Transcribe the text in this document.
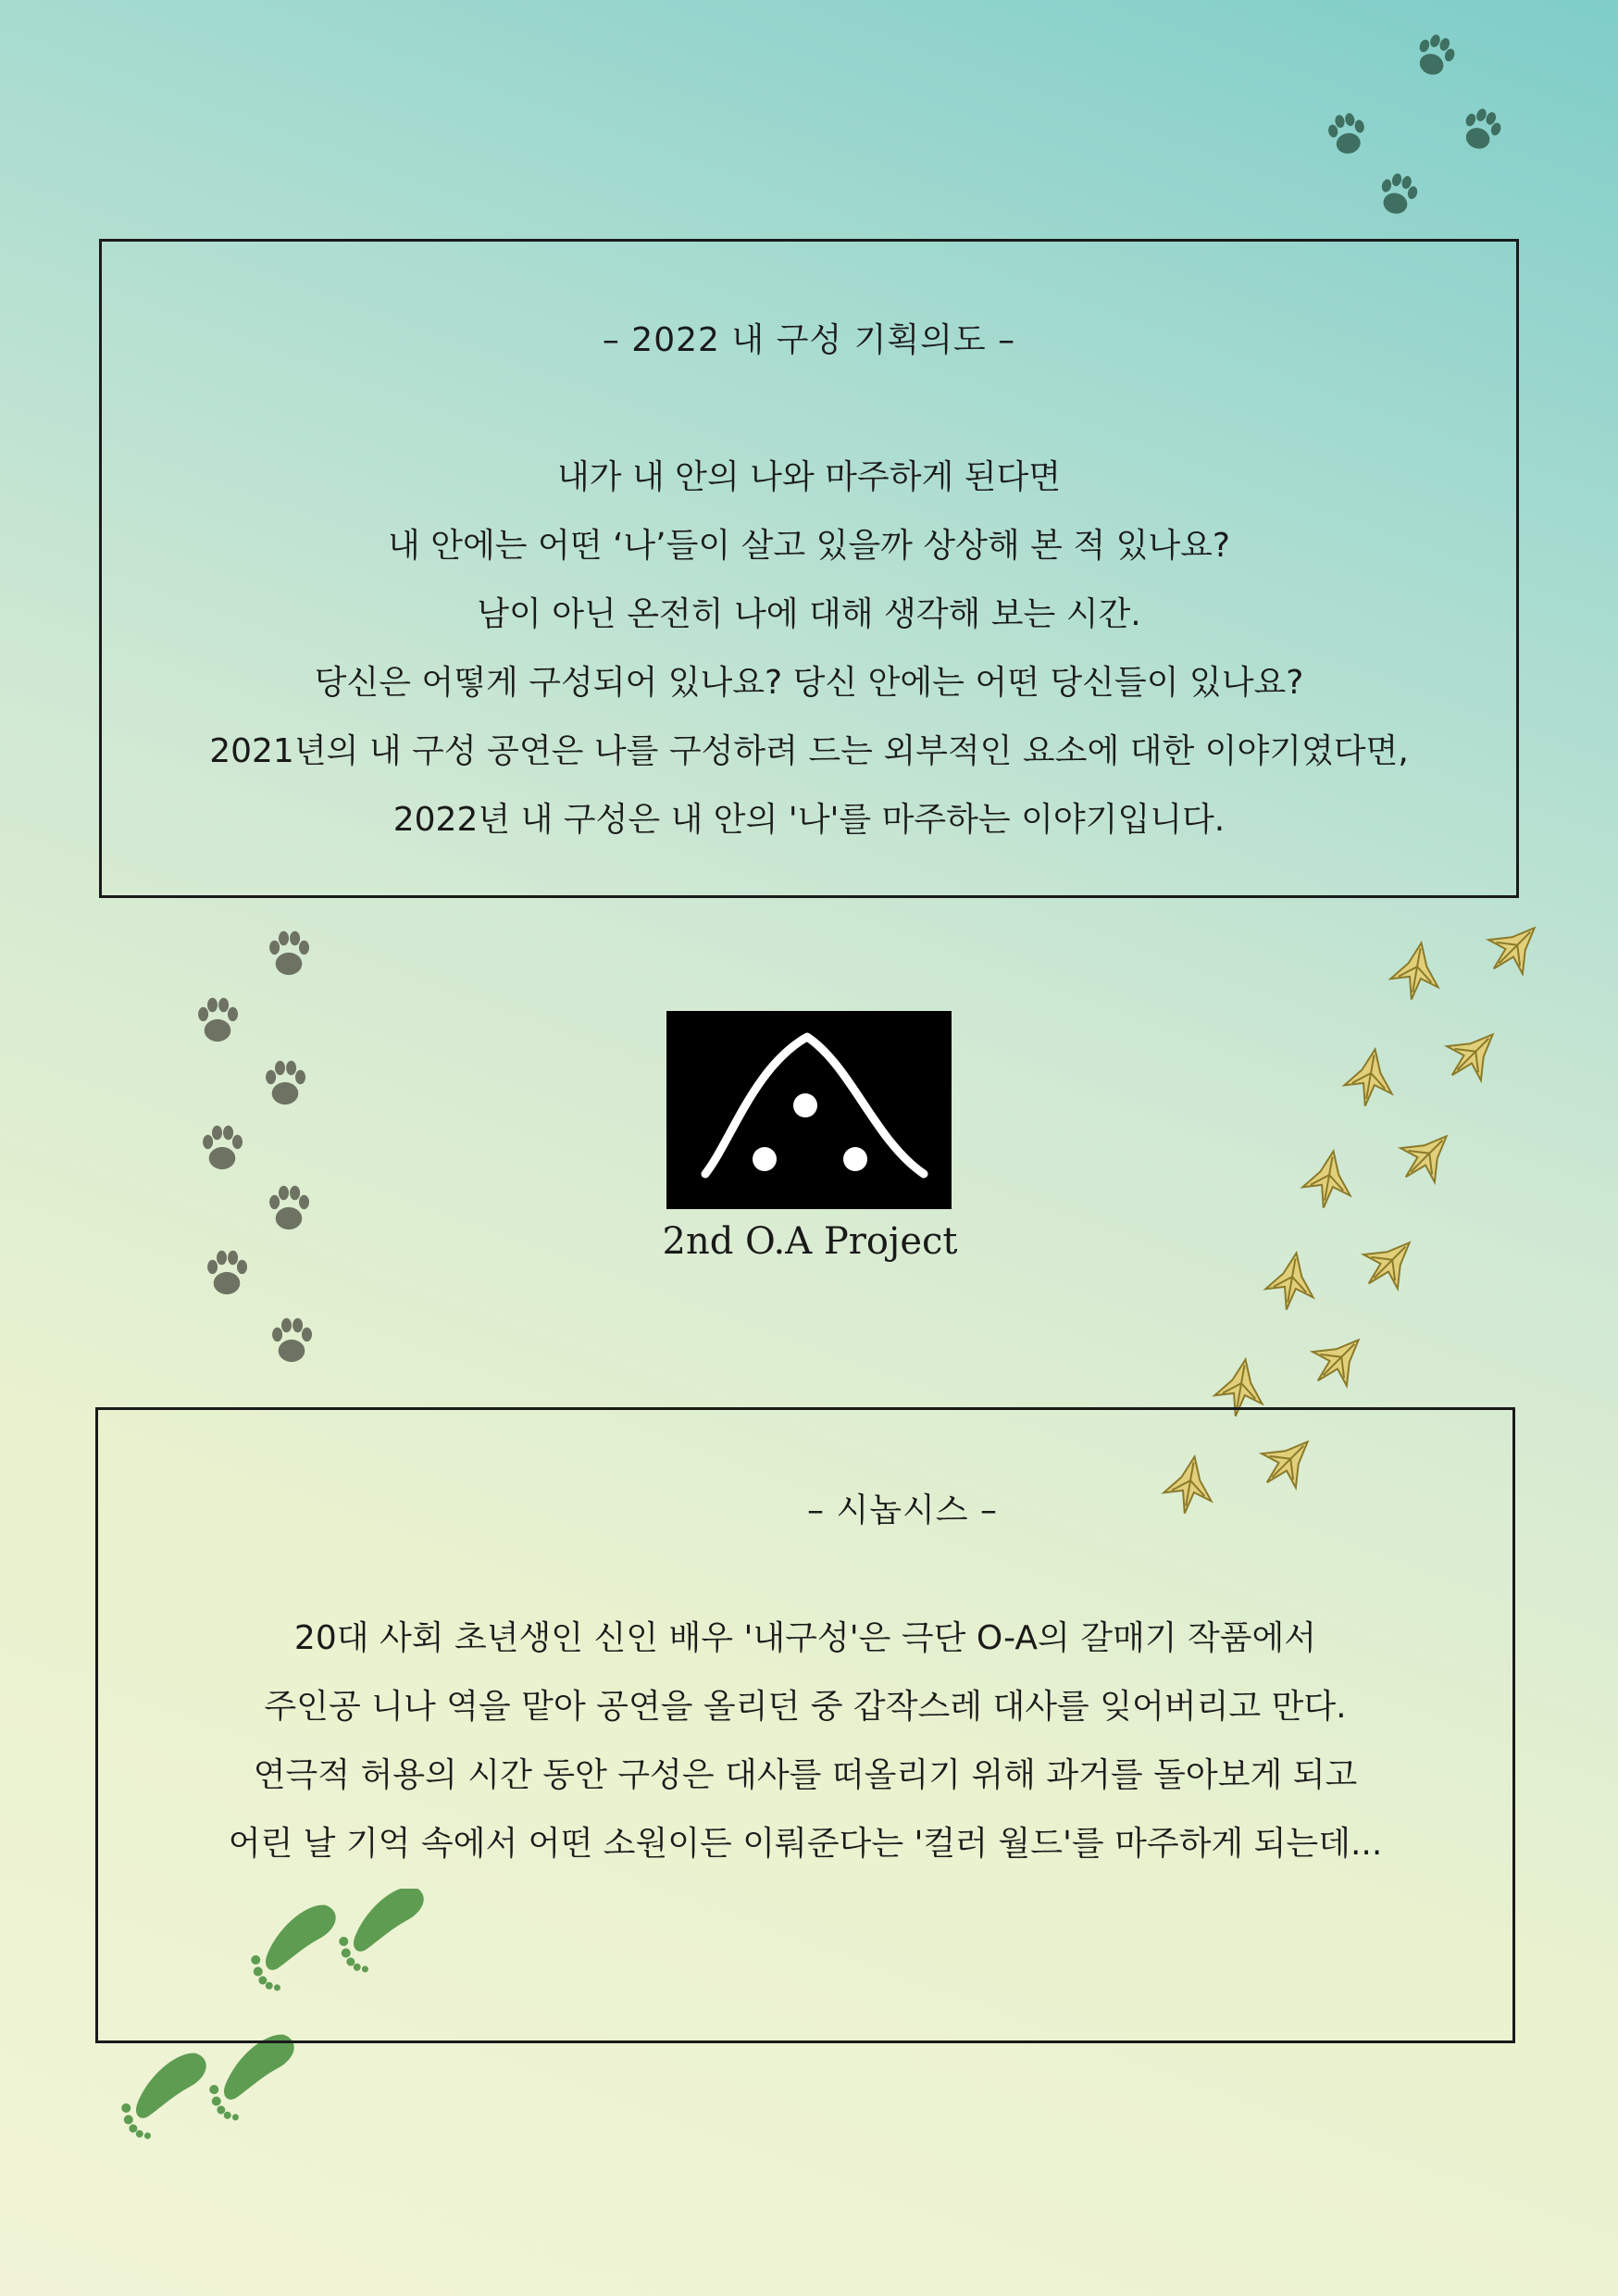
– 2022 내 구성 기획의도 –

내가 내 안의 나와 마주하게 된다면

내 안에는 어떤 ‘나’들이 살고 있을까 상상해 본 적 있나요?

남이 아닌 온전히 나에 대해 생각해 보는 시간.

당신은 어떻게 구성되어 있나요? 당신 안에는 어떤 당신들이 있나요?

2021년의 내 구성 공연은 나를 구성하려 드는 외부적인 요소에 대한 이야기였다면,

2022년 내 구성은 내 안의 '나'를 마주하는 이야기입니다.

2nd O.A Project

– 시놉시스 –

20대 사회 초년생인 신인 배우 '내구성'은 극단 O-A의 갈매기 작품에서

주인공 니나 역을 맡아 공연을 올리던 중 갑작스레 대사를 잊어버리고 만다.

연극적 허용의 시간 동안 구성은 대사를 떠올리기 위해 과거를 돌아보게 되고

어린 날 기억 속에서 어떤 소원이든 이뤄준다는 '컬러 월드'를 마주하게 되는데...
